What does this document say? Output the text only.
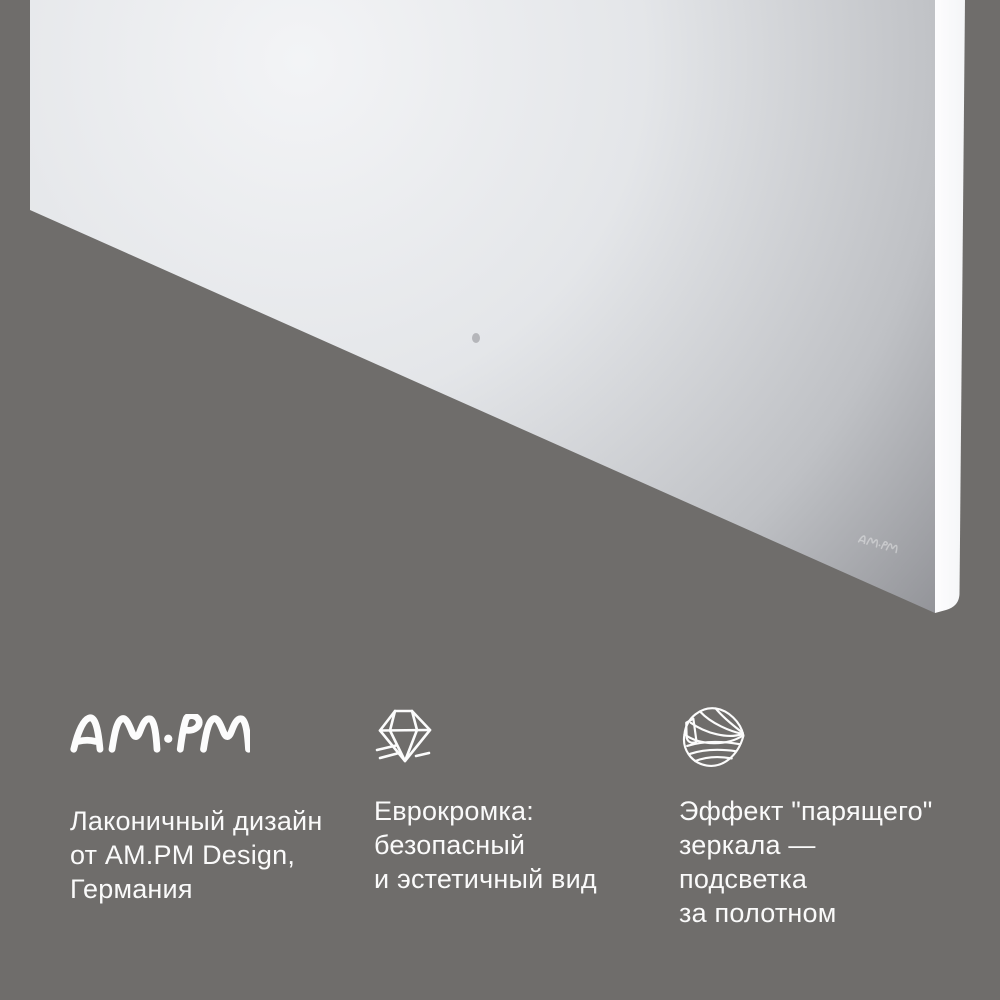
Лаконичный дизайн
от AM.PM Design,
Германия
Еврокромка:
безопасный
и эстетичный вид
Эффект "парящего"
зеркала —
подсветка
за полотном
